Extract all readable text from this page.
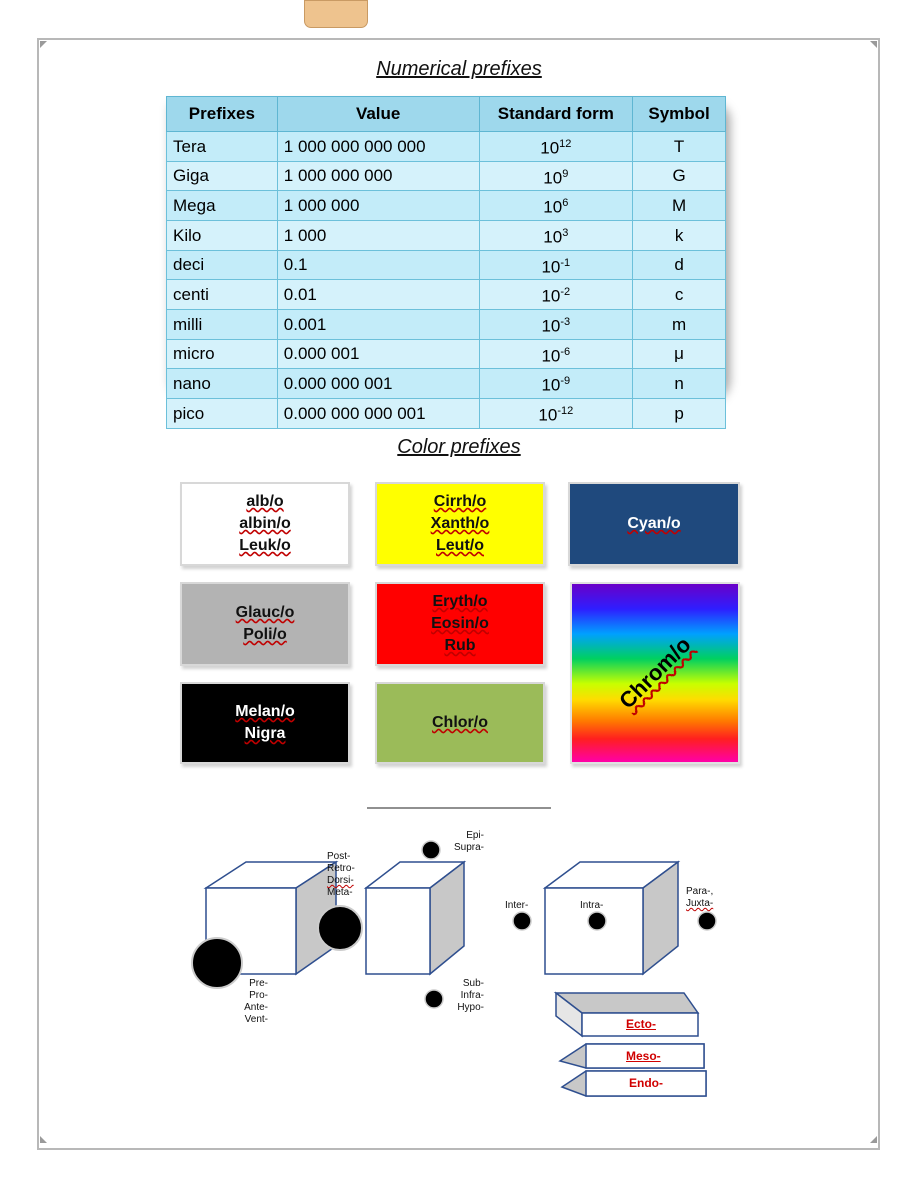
Numerical prefixes
Prefixes	Value	Standard form	Symbol
Tera	1 000 000 000 000	$10^{12}$	T
Giga	1 000 000 000	$10^9$	G
Mega	1 000 000	$10^6$	M
Kilo	1 000	$10^3$	k
deci	0.1	$10^{-1}$	d
centi	0.01	$10^{-2}$	c
milli	0.001	$10^{-3}$	m
micro	0.000 001	$10^{-6}$	μ
nano	0.000 000 001	$10^{-9}$	n
pico	0.000 000 000 001	$10^{-12}$	p
Color prefixes
alb/o
albin/o
Leuk/o
Cirrh/o
Xanth/o
Leut/o
Cyan/o
Glauc/o
Poli/o
Eryth/o
Eosin/o
Rub
Melan/o
Nigra
Chlor/o
Chrom/o
Post-
Retro-
Dorsi-
Meta-
Pre-
Pro-
Ante-
Vent-
Epi-
Supra-
Sub-
Infra-
Hypo-
Inter-	Intra-
Para-,
Juxta-
Ecto-
Meso-
Endo-
